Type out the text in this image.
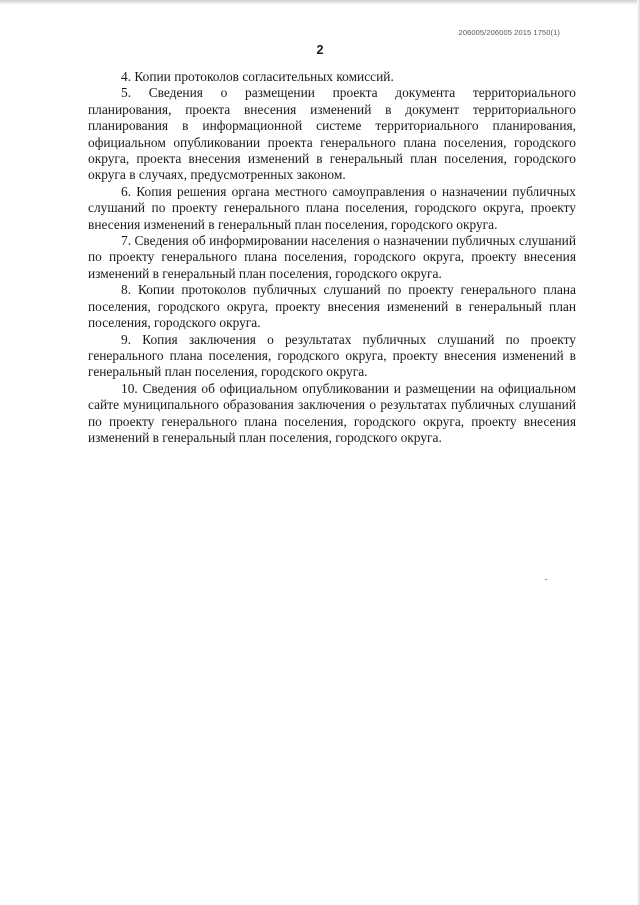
206005/206005 2015 1750(1)
2

4. Копии протоколов согласительных комиссий.

5. Сведения о размещении проекта документа территориального планирования, проекта внесения изменений в документ территориального планирования в информационной системе территориального планирования, официальном опубликовании проекта генерального плана поселения, городского округа, проекта внесения изменений в генеральный план поселения, городского округа в случаях, предусмотренных законом.

6. Копия решения органа местного самоуправления о назначении публичных слушаний по проекту генерального плана поселения, городского округа, проекту внесения изменений в генеральный план поселения, городского округа.

7. Сведения об информировании населения о назначении публичных слушаний по проекту генерального плана поселения, городского округа, проекту внесения изменений в генеральный план поселения, городского округа.

8. Копии протоколов публичных слушаний по проекту генерального плана поселения, городского округа, проекту внесения изменений в генеральный план поселения, городского округа.

9. Копия заключения о результатах публичных слушаний по проекту генерального плана поселения, городского округа, проекту внесения изменений в генеральный план поселения, городского округа.

10. Сведения об официальном опубликовании и размещении на официальном сайте муниципального образования заключения о результатах публичных слушаний по проекту генерального плана поселения, городского округа, проекту внесения изменений в генеральный план поселения, городского округа.
